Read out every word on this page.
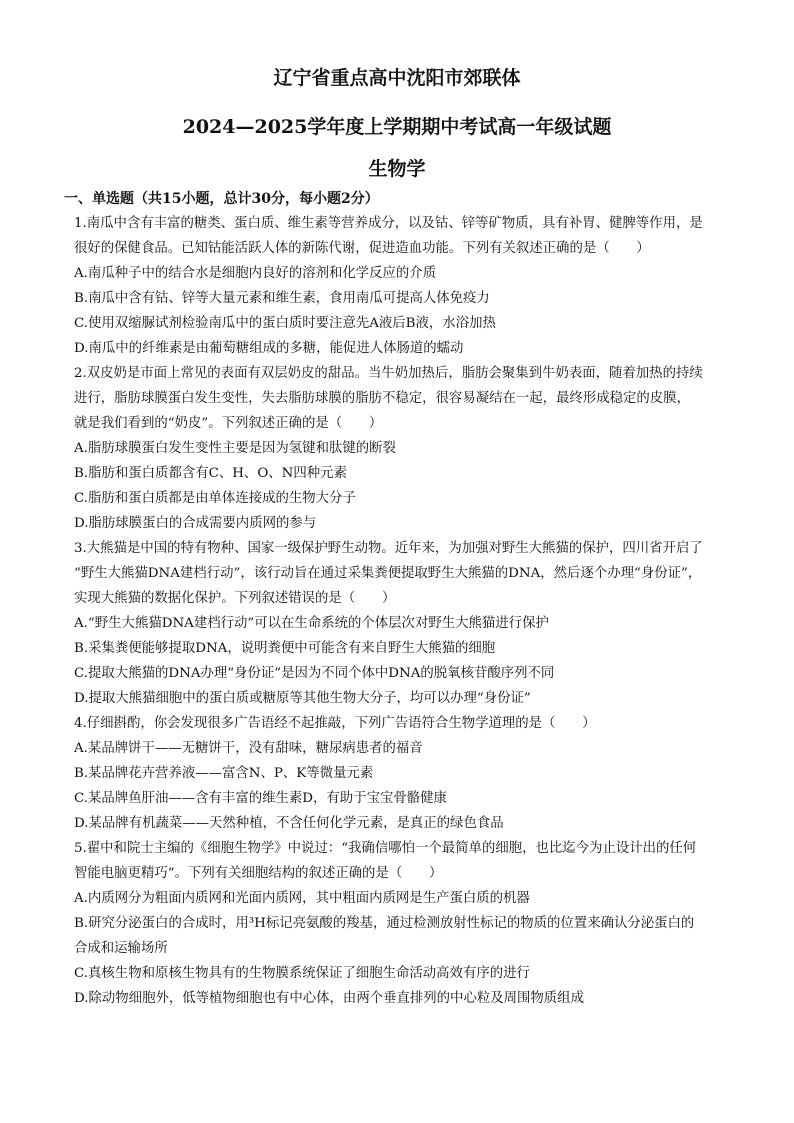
辽宁省重点高中沈阳市郊联体
2024—2025学年度上学期期中考试高一年级试题
生物学
一、单选题（共15小题，总计30分，每小题2分）
1.南瓜中含有丰富的糖类、蛋白质、维生素等营养成分，以及钴、锌等矿物质，具有补胃、健脾等作用，是
很好的保健食品。已知钴能活跃人体的新陈代谢，促进造血功能。下列有关叙述正确的是（　　）
A.南瓜种子中的结合水是细胞内良好的溶剂和化学反应的介质
B.南瓜中含有钴、锌等大量元素和维生素，食用南瓜可提高人体免疫力
C.使用双缩脲试剂检验南瓜中的蛋白质时要注意先A液后B液，水浴加热
D.南瓜中的纤维素是由葡萄糖组成的多糖，能促进人体肠道的蠕动
2.双皮奶是市面上常见的表面有双层奶皮的甜品。当牛奶加热后，脂肪会聚集到牛奶表面，随着加热的持续
进行，脂肪球膜蛋白发生变性，失去脂肪球膜的脂肪不稳定，很容易凝结在一起，最终形成稳定的皮膜，
就是我们看到的“奶皮”。下列叙述正确的是（　　）
A.脂肪球膜蛋白发生变性主要是因为氢键和肽键的断裂
B.脂肪和蛋白质都含有C、H、O、N四种元素
C.脂肪和蛋白质都是由单体连接成的生物大分子
D.脂肪球膜蛋白的合成需要内质网的参与
3.大熊猫是中国的特有物种、国家一级保护野生动物。近年来，为加强对野生大熊猫的保护，四川省开启了
“野生大熊猫DNA建档行动”，该行动旨在通过采集粪便提取野生大熊猫的DNA，然后逐个办理“身份证”，
实现大熊猫的数据化保护。下列叙述错误的是（　　）
A.“野生大熊猫DNA建档行动”可以在生命系统的个体层次对野生大熊猫进行保护
B.采集粪便能够提取DNA，说明粪便中可能含有来自野生大熊猫的细胞
C.提取大熊猫的DNA办理“身份证”是因为不同个体中DNA的脱氧核苷酸序列不同
D.提取大熊猫细胞中的蛋白质或糖原等其他生物大分子，均可以办理“身份证”
4.仔细斟酌，你会发现很多广告语经不起推敲，下列广告语符合生物学道理的是（　　）
A.某品牌饼干——无糖饼干，没有甜味，糖尿病患者的福音
B.某品牌花卉营养液——富含N、P、K等微量元素
C.某品牌鱼肝油——含有丰富的维生素D，有助于宝宝骨骼健康
D.某品牌有机蔬菜——天然种植，不含任何化学元素，是真正的绿色食品
5.翟中和院士主编的《细胞生物学》中说过：“我确信哪怕一个最简单的细胞，也比迄今为止设计出的任何
智能电脑更精巧”。下列有关细胞结构的叙述正确的是（　　）
A.内质网分为粗面内质网和光面内质网，其中粗面内质网是生产蛋白质的机器
B.研究分泌蛋白的合成时，用³H标记亮氨酸的羧基，通过检测放射性标记的物质的位置来确认分泌蛋白的
合成和运输场所
C.真核生物和原核生物具有的生物膜系统保证了细胞生命活动高效有序的进行
D.除动物细胞外，低等植物细胞也有中心体，由两个垂直排列的中心粒及周围物质组成
